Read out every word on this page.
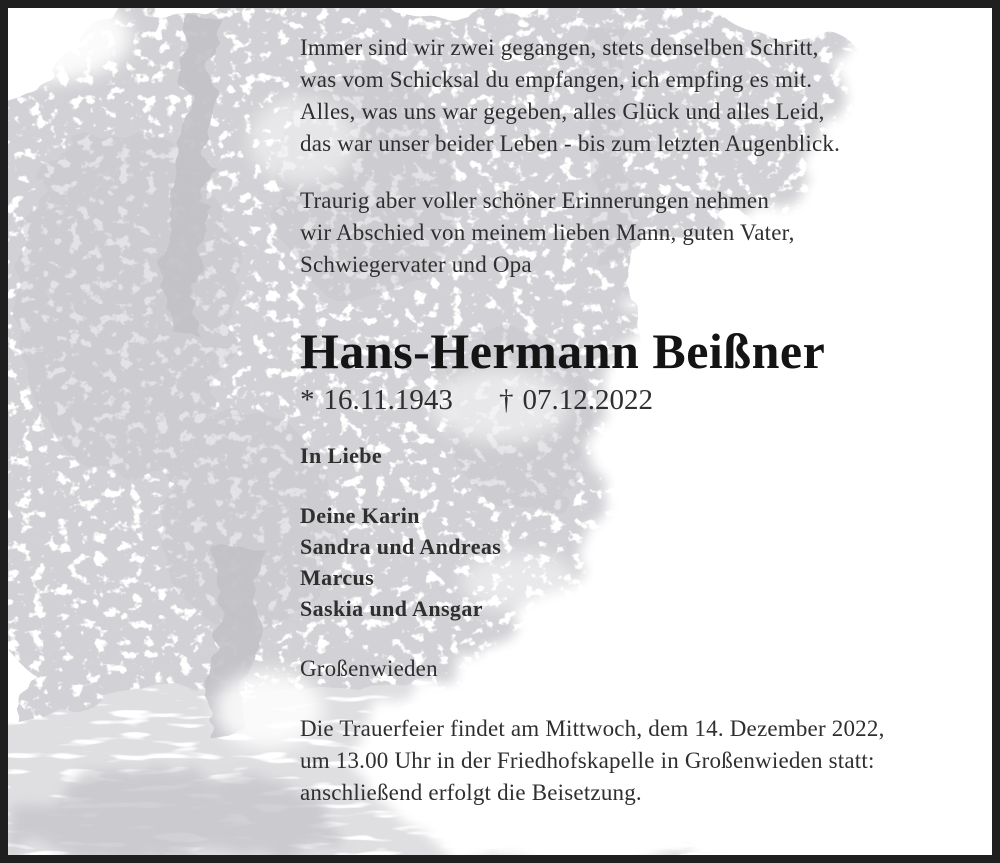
Immer sind wir zwei gegangen, stets denselben Schritt,
was vom Schicksal du empfangen, ich empfing es mit.
Alles, was uns war gegeben, alles Glück und alles Leid,
das war unser beider Leben - bis zum letzten Augenblick.
Traurig aber voller schöner Erinnerungen nehmen
wir Abschied von meinem lieben Mann, guten Vater,
Schwiegervater und Opa
Hans-Hermann Beißner
* 16.11.1943 † 07.12.2022
In Liebe
Deine Karin
Sandra und Andreas
Marcus
Saskia und Ansgar
Großenwieden
Die Trauerfeier findet am Mittwoch, dem 14. Dezember 2022,
um 13.00 Uhr in der Friedhofskapelle in Großenwieden statt:
anschließend erfolgt die Beisetzung.
